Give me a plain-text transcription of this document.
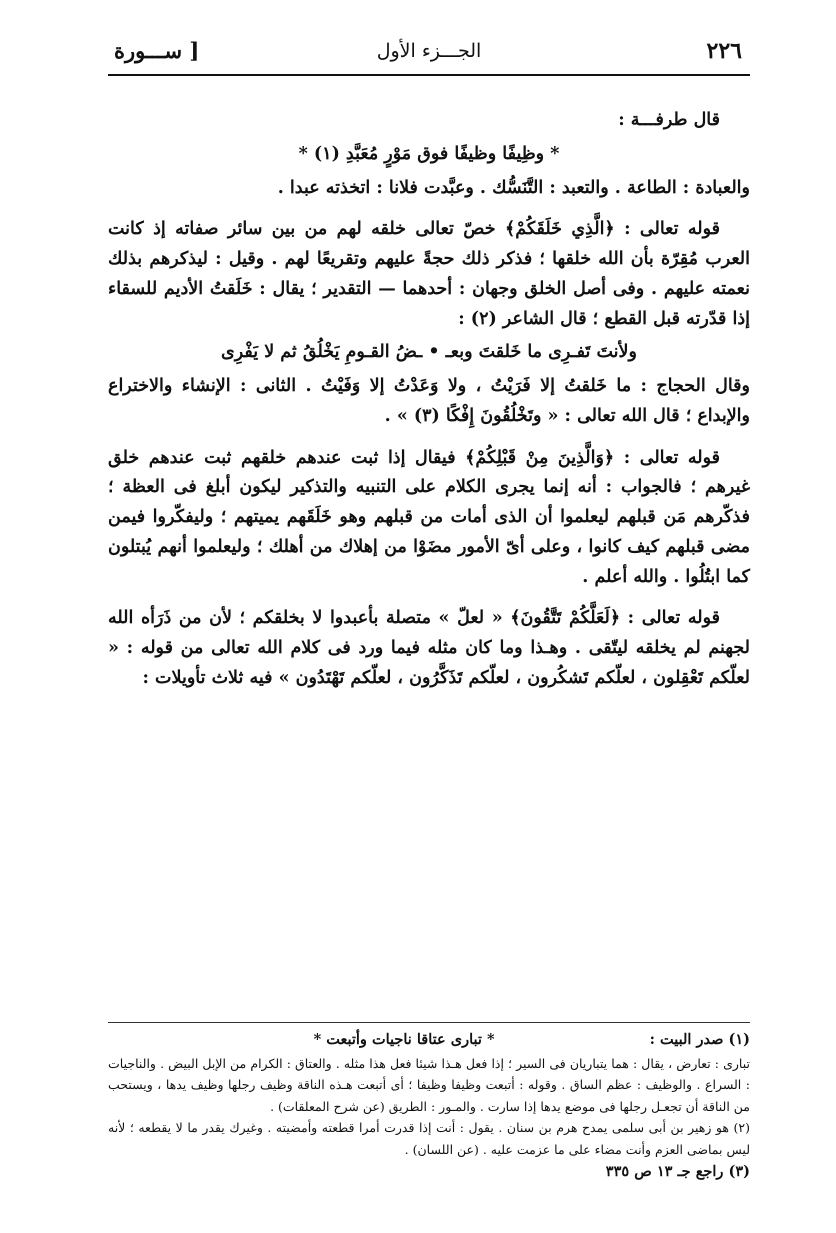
٢٢٦
الجـــزء الأول
[ ســـورة

قال طرفـــة :

* وظِيفًا وظيفًا فوق مَوْرٍ مُعَبَّدِ (١) *

والعبادة : الطاعة . والتعبد : التَّنَسُّك . وعبَّدت فلانا : اتخذته عبدا .

قوله تعالى : ﴿الَّذِي خَلَقَكُمْ﴾ خصّ تعالى خلقه لهم من بين سائر صفاته إذ كانت العرب مُقِرّة بأن الله خلقها ؛ فذكر ذلك حجةً عليهم وتقريعًا لهم . وقيل : ليذكرهم بذلك نعمته عليهم . وفى أصل الخلق وجهان : أحدهما — التقدير ؛ يقال : خَلَقتُ الأديم للسقاء إذا قدّرته قبل القطع ؛ قال الشاعر (٢) :

ولأنتَ تَفـرِى ما خَلقتَ وبعـ • ـضُ القـومِ يَخْلُقُ ثم لا يَفْرِى

وقال الحجاج : ما خَلقتُ إلا فَرَيْتُ ، ولا وَعَدْتُ إلا وَفَيْتُ . الثانى : الإنشاء والاختراع والإبداع ؛ قال الله تعالى : « وتَخْلُقُونَ إِفْكًا (٣) » .

قوله تعالى : ﴿وَالَّذِينَ مِنْ قَبْلِكُمْ﴾ فيقال إذا ثبت عندهم خلقهم ثبت عندهم خلق غيرهم ؛ فالجواب : أنه إنما يجرى الكلام على التنبيه والتذكير ليكون أبلغ فى العظة ؛ فذكّرهم مَن قبلهم ليعلموا أن الذى أمات من قبلهم وهو خَلَقَهم يميتهم ؛ وليفكّروا فيمن مضى قبلهم كيف كانوا ، وعلى أىّ الأمور مضَوْا من إهلاك من أهلك ؛ وليعلموا أنهم يُبتلون كما ابتُلُوا . والله أعلم .

قوله تعالى : ﴿لَعَلَّكُمْ تَتَّقُونَ﴾ « لعلّ » متصلة بأعبدوا لا بخلقكم ؛ لأن من ذَرَأه الله لجهنم لم يخلقه ليتّقى . وهـذا وما كان مثله فيما ورد فى كلام الله تعالى من قوله : « لعلّكم تَعْقِلون ، لعلّكم تَشكُرون ، لعلّكم تَذَكَّرُون ، لعلّكم تَهْتَدُون » فيه ثلاث تأويلات :

(١) صدر البيت : * تبارى عتاقا ناجيات وأتبعت *

تبارى : تعارض ، يقال : هما يتباريان فى السير ؛ إذا فعل هـذا شيئا فعل هذا مثله . والعتاق : الكرام من الإبل البيض . والناجيات : السراع . والوظيف : عظم الساق . وقوله : أتبعت وظيفا وظيفا ؛ أى أتبعت هـذه الناقة وظيف رجلها وظيف يدها ، ويستحب من الناقة أن تجعـل رجلها فى موضع يدها إذا سارت . والمـور : الطريق (عن شرح المعلقات) .

(٢) هو زهير بن أبى سلمى يمدح هرم بن سنان . يقول : أنت إذا قدرت أمرا قطعته وأمضيته . وغيرك يقدر ما لا يقطعه ؛ لأنه ليس بماضى العزم وأنت مضاء على ما عزمت عليه . (عن اللسان) .

(٣) راجع جـ ١٣ ص ٣٣٥
